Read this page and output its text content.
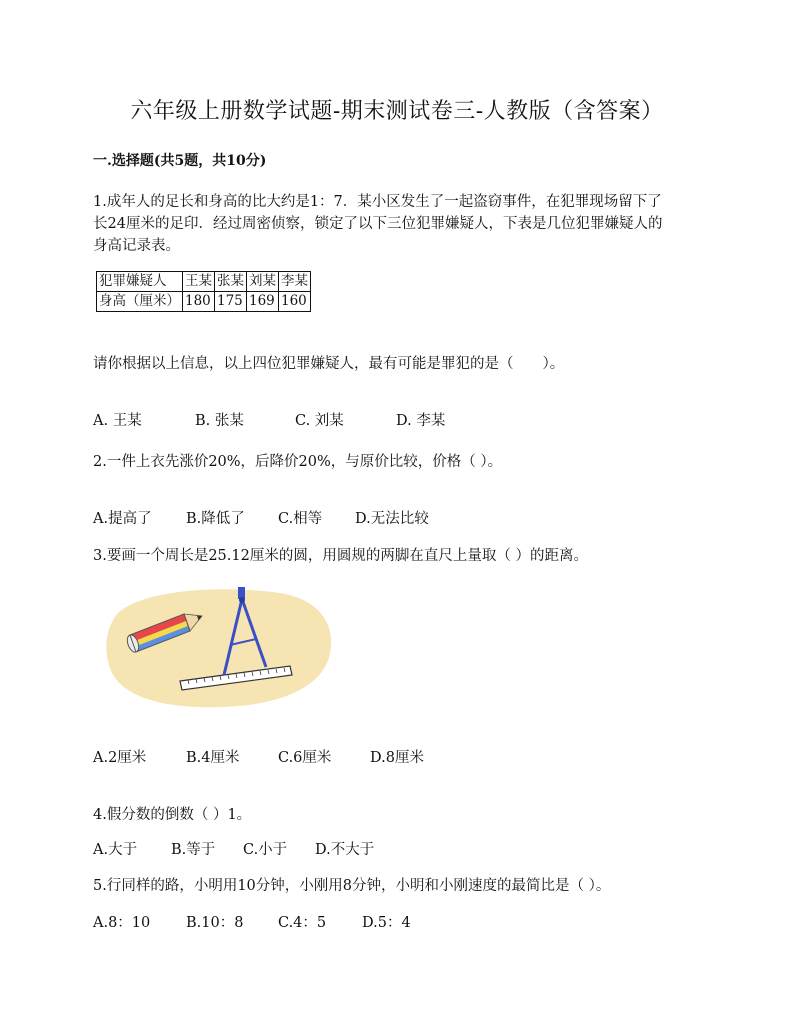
六年级上册数学试题-期末测试卷三-人教版（含答案）
一.选择题(共5题，共10分)
1.成年人的足长和身高的比大约是1：7．某小区发生了一起盗窃事件，在犯罪现场留下了
长24厘米的足印．经过周密侦察，锁定了以下三位犯罪嫌疑人，下表是几位犯罪嫌疑人的
身高记录表。
犯罪嫌疑人	王某	张某	刘某	李某
身高（厘米）	180	175	169	160
请你根据以上信息，以上四位犯罪嫌疑人，最有可能是罪犯的是（　　）。
A. 王某	B. 张某	C. 刘某	D. 李某
2.一件上衣先涨价20%，后降价20%，与原价比较，价格（ ）。
A.提高了 B.降低了 C.相等 D.无法比较
3.要画一个周长是25.12厘米的圆，用圆规的两脚在直尺上量取（ ）的距离。
A.2厘米	B.4厘米	C.6厘米	D.8厘米
4.假分数的倒数（ ）1。
A.大于 B.等于 C.小于 D.不大于
5.行同样的路，小明用10分钟，小刚用8分钟，小明和小刚速度的最简比是（ ）。
A.8：10 B.10：8 C.4：5 D.5：4
